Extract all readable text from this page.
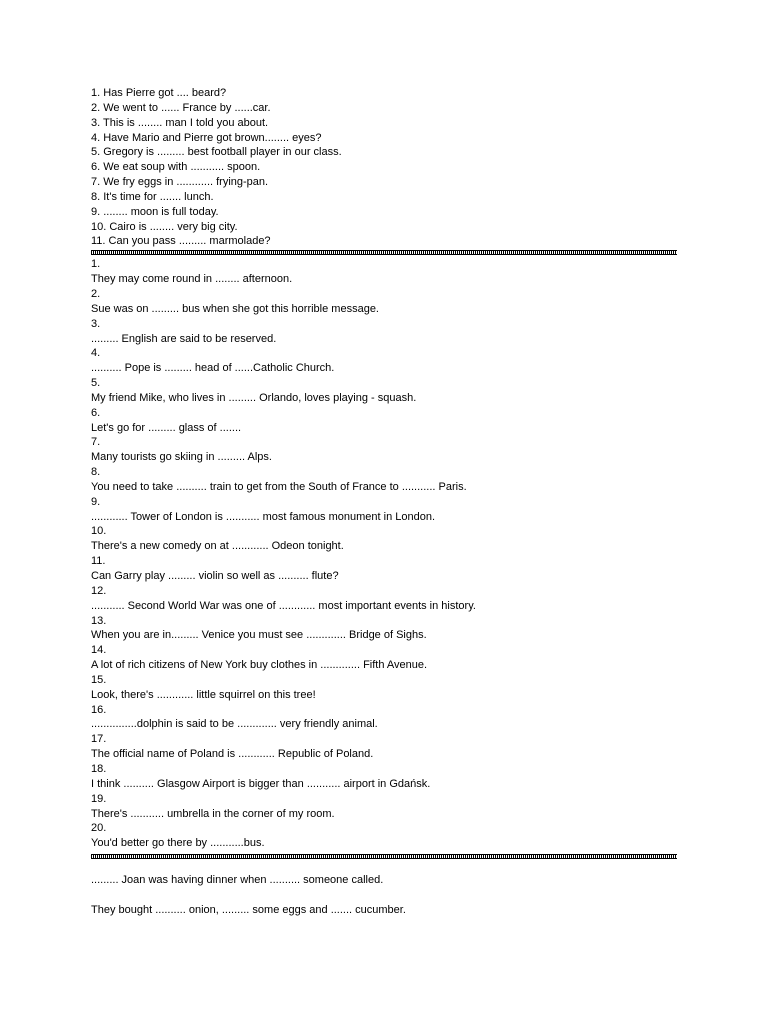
1. Has Pierre got .... beard?
2. We went to ...... France by ......car.
3. This is ........ man I told you about.
4. Have Mario and Pierre got brown........ eyes?
5. Gregory is ......... best football player in our class.
6. We eat soup with ........... spoon.
7. We fry eggs in ............ frying-pan.
8. It's time for ....... lunch.
9. ........ moon is full today.
10. Cairo is ........ very big city.
11. Can you pass ......... marmolade?
1.
They may come round in ........ afternoon.
2.
Sue was on ......... bus when she got this horrible message.
3.
......... English are said to be reserved.
4.
.......... Pope is ......... head of ......Catholic Church.
5.
My friend Mike, who lives in ......... Orlando, loves playing - squash.
6.
Let's go for ......... glass of .......
7.
Many tourists go skiing in ......... Alps.
8.
You need to take .......... train to get from the South of France to ........... Paris.
9.
............ Tower of London is ........... most famous monument in London.
10.
There's a new comedy on at ............ Odeon tonight.
11.
Can Garry play ......... violin so well as .......... flute?
12.
........... Second World War was one of ............ most important events in history.
13.
When you are in......... Venice you must see ............. Bridge of Sighs.
14.
A lot of rich citizens of New York buy clothes in ............. Fifth Avenue.
15.
Look, there's ............ little squirrel on this tree!
16.
...............dolphin is said to be ............. very friendly animal.
17.
The official name of Poland is ............ Republic of Poland.
18.
I think .......... Glasgow Airport is bigger than ........... airport in Gdańsk.
19.
There's ........... umbrella in the corner of my room.
20.
You'd better go there by ...........bus.
......... Joan was having dinner when .......... someone called.
They bought .......... onion, ......... some eggs and ....... cucumber.
